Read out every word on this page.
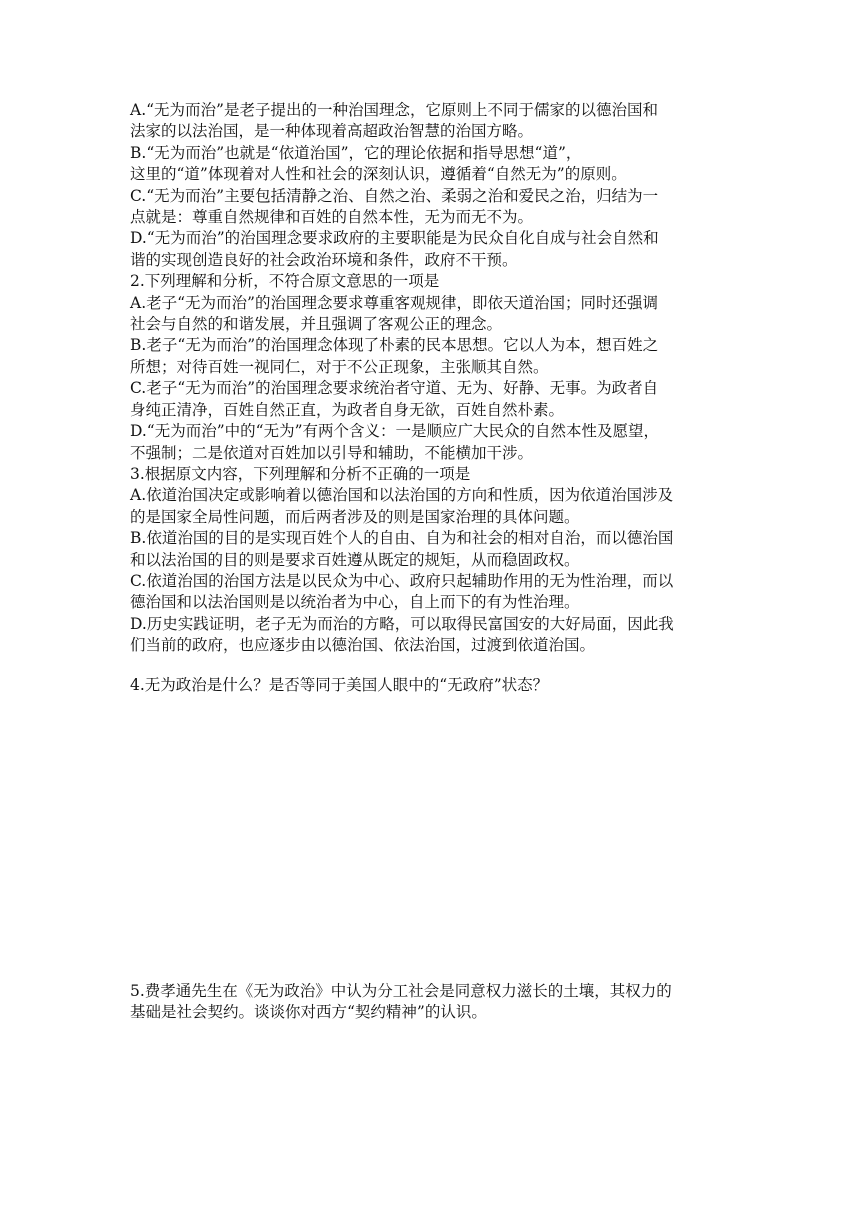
A.“无为而治”是老子提出的一种治国理念，它原则上不同于儒家的以德治国和
法家的以法治国，是一种体现着高超政治智慧的治国方略。
B.“无为而治”也就是“依道治国”，它的理论依据和指导思想“道”，
这里的“道”体现着对人性和社会的深刻认识，遵循着“自然无为”的原则。
C.“无为而治”主要包括清静之治、自然之治、柔弱之治和爱民之治，归结为一
点就是：尊重自然规律和百姓的自然本性，无为而无不为。
D.“无为而治”的治国理念要求政府的主要职能是为民众自化自成与社会自然和
谐的实现创造良好的社会政治环境和条件，政府不干预。
2.下列理解和分析，不符合原文意思的一项是
A.老子“无为而治”的治国理念要求尊重客观规律，即依天道治国；同时还强调
社会与自然的和谐发展，并且强调了客观公正的理念。
B.老子“无为而治”的治国理念体现了朴素的民本思想。它以人为本，想百姓之
所想；对待百姓一视同仁，对于不公正现象，主张顺其自然。
C.老子“无为而治”的治国理念要求统治者守道、无为、好静、无事。为政者自
身纯正清净，百姓自然正直，为政者自身无欲，百姓自然朴素。
D.“无为而治”中的“无为”有两个含义：一是顺应广大民众的自然本性及愿望，
不强制；二是依道对百姓加以引导和辅助，不能横加干涉。
3.根据原文内容，下列理解和分析不正确的一项是
A.依道治国决定或影响着以德治国和以法治国的方向和性质，因为依道治国涉及
的是国家全局性问题，而后两者涉及的则是国家治理的具体问题。
B.依道治国的目的是实现百姓个人的自由、自为和社会的相对自治，而以德治国
和以法治国的目的则是要求百姓遵从既定的规矩，从而稳固政权。
C.依道治国的治国方法是以民众为中心、政府只起辅助作用的无为性治理，而以
德治国和以法治国则是以统治者为中心，自上而下的有为性治理。
D.历史实践证明，老子无为而治的方略，可以取得民富国安的大好局面，因此我
们当前的政府，也应逐步由以德治国、依法治国，过渡到依道治国。
4.无为政治是什么？是否等同于美国人眼中的“无政府”状态？
5.费孝通先生在《无为政治》中认为分工社会是同意权力滋长的土壤，其权力的
基础是社会契约。谈谈你对西方“契约精神”的认识。
